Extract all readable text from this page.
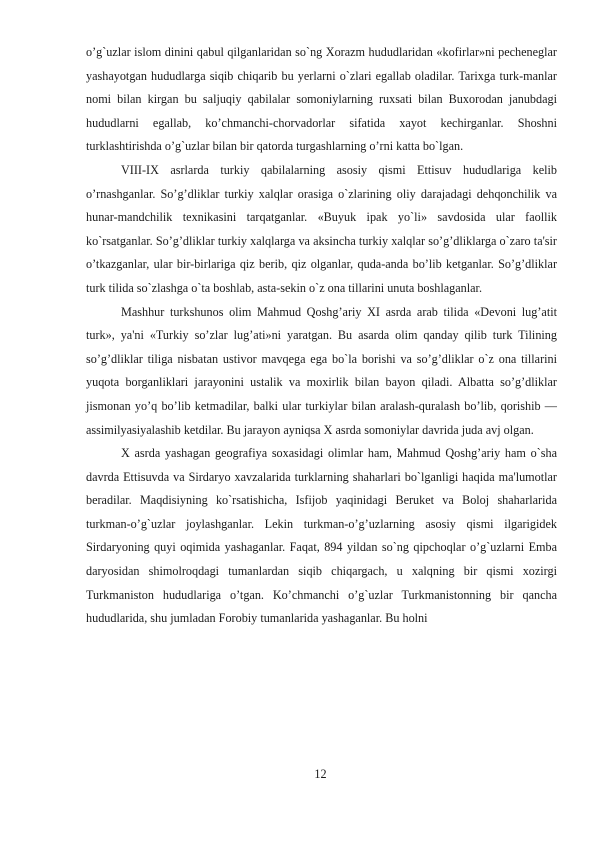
o’g`uzlar islom dinini qabul qilganlaridan so`ng Xorazm hududlaridan «kofirlar»ni pecheneglar yashayotgan hududlarga siqib chiqarib bu yerlarni o`zlari egallab oladilar. Tarixga turk-manlar nomi bilan kirgan bu saljuqiy qabilalar somoniylarning ruxsati bilan Buxorodan janubdagi hududlarni egallab, ko’chmanchi-chorvadorlar sifatida xayot kechirganlar. Shoshni turklashtirishda o’g`uzlar bilan bir qatorda turgashlarning o’rni katta bo`lgan.

VIII-IX asrlarda turkiy qabilalarning asosiy qismi Ettisuv hududlariga kelib o’rnashganlar. So’g’dliklar turkiy xalqlar orasiga o`zlarining oliy darajadagi dehqonchilik va hunar-mandchilik texnikasini tarqatganlar. «Buyuk ipak yo`li» savdosida ular faollik ko`rsatganlar. So’g’dliklar turkiy xalqlarga va aksincha turkiy xalqlar so’g’dliklarga o`zaro ta'sir o’tkazganlar, ular bir-birlariga qiz berib, qiz olganlar, quda-anda bo’lib ketganlar. So’g’dliklar turk tilida so`zlashga o`ta boshlab, asta-sekin o`z ona tillarini unuta boshlaganlar.

Mashhur turkshunos olim Mahmud Qoshg’ariy XI asrda arab tilida «Devoni lug’atit turk», ya'ni «Turkiy so’zlar lug’ati»ni yaratgan. Bu asarda olim qanday qilib turk Tilining so’g’dliklar tiliga nisbatan ustivor mavqega ega bo`la borishi va so’g’dliklar o`z ona tillarini yuqota borganliklari jarayonini ustalik va moxirlik bilan bayon qiladi. Albatta so’g’dliklar jismonan yo’q bo’lib ketmadilar, balki ular turkiylar bilan aralash-quralash bo’lib, qorishib — assimilyasiyalashib ketdilar. Bu jarayon ayniqsa X asrda somoniylar davrida juda avj olgan.

X asrda yashagan geografiya soxasidagi olimlar ham, Mahmud Qoshg’ariy ham o`sha davrda Ettisuvda va Sirdaryo xavzalarida turklarning shaharlari bo`lganligi haqida ma'lumotlar beradilar. Maqdisiyning ko`rsatishicha, Isfijob yaqinidagi Beruket va Boloj shaharlarida turkman-o’g`uzlar joylashganlar. Lekin turkman-o’g’uzlarning asosiy qismi ilgarigidek Sirdaryoning quyi oqimida yashaganlar. Faqat, 894 yildan so`ng qipchoqlar o’g`uzlarni Emba daryosidan shimolroqdagi tumanlardan siqib chiqargach, u xalqning bir qismi xozirgi Turkmaniston hududlariga o’tgan. Ko’chmanchi o’g`uzlar Turkmanistonning bir qancha hududlarida, shu jumladan Forobiy tumanlarida yashaganlar. Bu holni

12
